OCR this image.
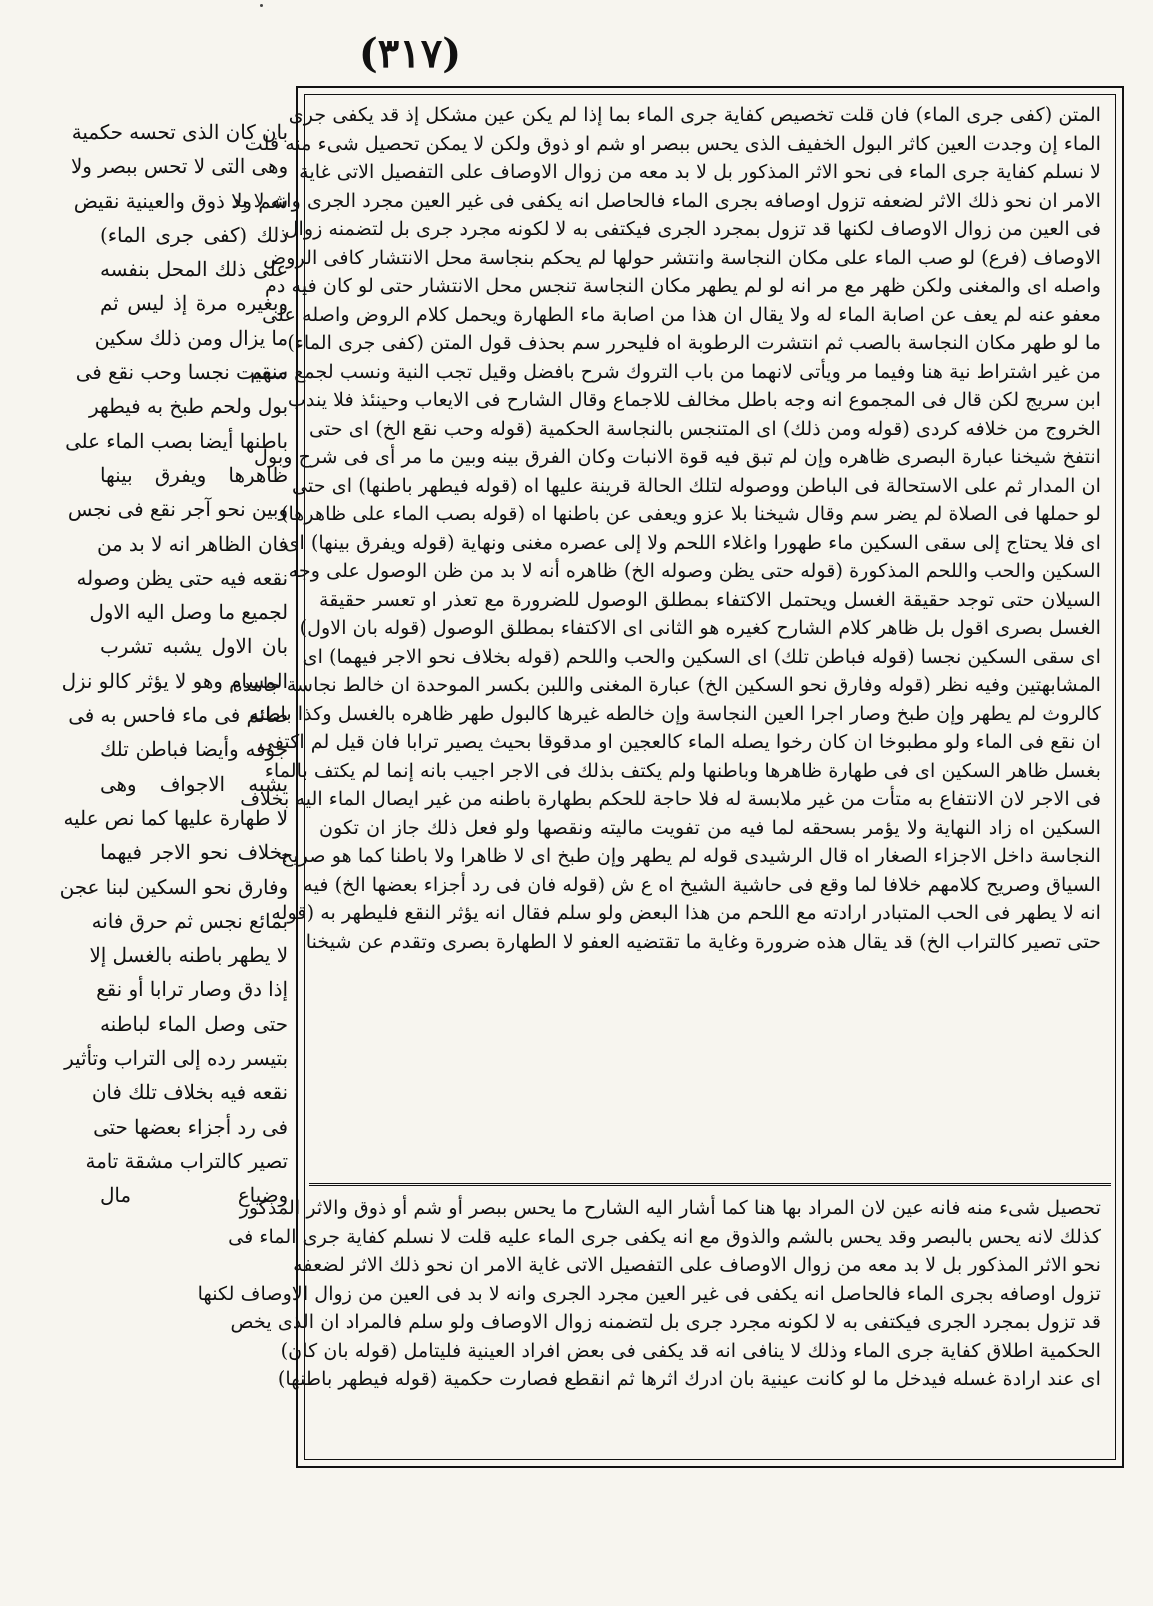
(٣١٧)
المتن (كفى جرى الماء) فان قلت تخصيص كفاية جرى الماء بما إذا لم يكن عين مشكل إذ قد يكفى جرى
الماء إن وجدت العين كاثر البول الخفيف الذى يحس ببصر او شم او ذوق ولكن لا يمكن تحصيل شىء منه قلت
لا نسلم كفاية جرى الماء فى نحو الاثر المذكور بل لا بد معه من زوال الاوصاف على التفصيل الاتى غاية
الامر ان نحو ذلك الاثر لضعفه تزول اوصافه بجرى الماء فالحاصل انه يكفى فى غير العين مجرد الجرى وانه لا بد
فى العين من زوال الاوصاف لكنها قد تزول بمجرد الجرى فيكتفى به لا لكونه مجرد جرى بل لتضمنه زوال
الاوصاف (فرع) لو صب الماء على مكان النجاسة وانتشر حولها لم يحكم بنجاسة محل الانتشار كافى الروض
واصله اى والمغنى ولكن ظهر مع مر انه لو لم يطهر مكان النجاسة تنجس محل الانتشار حتى لو كان فيه دم
معفو عنه لم يعف عن اصابة الماء له ولا يقال ان هذا من اصابة ماء الطهارة ويحمل كلام الروض واصله على
ما لو طهر مكان النجاسة بالصب ثم انتشرت الرطوبة اه فليحرر سم بحذف قول المتن (كفى جرى الماء)
من غير اشتراط نية هنا وفيما مر ويأتى لانهما من باب التروك شرح بافضل وقيل تجب النية ونسب لجمع منهم
ابن سريج لكن قال فى المجموع انه وجه باطل مخالف للاجماع وقال الشارح فى الايعاب وحينئذ فلا يندب
الخروج من خلافه كردى (قوله ومن ذلك) اى المتنجس بالنجاسة الحكمية (قوله وحب نقع الخ) اى حتى
انتفخ شيخنا عبارة البصرى ظاهره وإن لم تبق فيه قوة الانبات وكان الفرق بينه وبين ما مر أى فى شرح وبول
ان المدار ثم على الاستحالة فى الباطن ووصوله لتلك الحالة قرينة عليها اه (قوله فيطهر باطنها) اى حتى
لو حملها فى الصلاة لم يضر سم وقال شيخنا بلا عزو ويعفى عن باطنها اه (قوله بصب الماء على ظاهرها)
اى فلا يحتاج إلى سقى السكين ماء طهورا واغلاء اللحم ولا إلى عصره مغنى ونهاية (قوله ويفرق بينها) اى
السكين والحب واللحم المذكورة (قوله حتى يظن وصوله الخ) ظاهره أنه لا بد من ظن الوصول على وجه
السيلان حتى توجد حقيقة الغسل ويحتمل الاكتفاء بمطلق الوصول للضرورة مع تعذر او تعسر حقيقة
الغسل بصرى اقول بل ظاهر كلام الشارح كغيره هو الثانى اى الاكتفاء بمطلق الوصول (قوله بان الاول)
اى سقى السكين نجسا (قوله فباطن تلك) اى السكين والحب واللحم (قوله بخلاف نحو الاجر فيهما) اى
المشابهتين وفيه نظر (قوله وفارق نحو السكين الخ) عبارة المغنى واللبن بكسر الموحدة ان خالط نجاسة جامدة
كالروث لم يطهر وإن طبخ وصار اجرا العين النجاسة وإن خالطه غيرها كالبول طهر ظاهره بالغسل وكذا باطنه
ان نقع فى الماء ولو مطبوخا ان كان رخوا يصله الماء كالعجين او مدقوقا بحيث يصير ترابا فان قيل لم اكتفى
بغسل ظاهر السكين اى فى طهارة ظاهرها وباطنها ولم يكتف بذلك فى الاجر اجيب بانه إنما لم يكتف بالماء
فى الاجر لان الانتفاع به متأت من غير ملابسة له فلا حاجة للحكم بطهارة باطنه من غير ايصال الماء اليه بخلاف
السكين اه زاد النهاية ولا يؤمر بسحقه لما فيه من تفويت ماليته ونقصها ولو فعل ذلك جاز ان تكون
النجاسة داخل الاجزاء الصغار اه قال الرشيدى قوله لم يطهر وإن طبخ اى لا ظاهرا ولا باطنا كما هو صريح
السياق وصريح كلامهم خلافا لما وقع فى حاشية الشيخ اه ع ش (قوله فان فى رد أجزاء بعضها الخ) فيه
انه لا يطهر فى الحب المتبادر ارادته مع اللحم من هذا البعض ولو سلم فقال انه يؤثر النقع فليطهر به (قوله
حتى تصير كالتراب الخ) قد يقال هذه ضرورة وغاية ما تقتضيه العفو لا الطهارة بصرى وتقدم عن شيخنا
تحصيل شىء منه فانه عين لان المراد بها هنا كما أشار اليه الشارح ما يحس ببصر أو شم أو ذوق والاثر المذكور
كذلك لانه يحس بالبصر وقد يحس بالشم والذوق مع انه يكفى جرى الماء عليه قلت لا نسلم كفاية جرى الماء فى
نحو الاثر المذكور بل لا بد معه من زوال الاوصاف على التفصيل الاتى غاية الامر ان نحو ذلك الاثر لضعفه
تزول اوصافه بجرى الماء فالحاصل انه يكفى فى غير العين مجرد الجرى وانه لا بد فى العين من زوال الاوصاف لكنها
قد تزول بمجرد الجرى فيكتفى به لا لكونه مجرد جرى بل لتضمنه زوال الاوصاف ولو سلم فالمراد ان الذى يخص
الحكمية اطلاق كفاية جرى الماء وذلك لا ينافى انه قد يكفى فى بعض افراد العينية فليتامل (قوله بان كان)
اى عند ارادة غسله فيدخل ما لو كانت عينية بان ادرك اثرها ثم انقطع فصارت حكمية (قوله فيطهر باطنها)
بان كان الذى تحسه حكمية
وهى التى لا تحس ببصر ولا
شم ولا ذوق والعينية نقيض
ذلك (كفى جرى الماء)
على ذلك المحل بنفسه
وبغيره مرة إذ ليس ثم
ما يزال ومن ذلك سكين
سقيت نجسا وحب نقع فى
بول ولحم طبخ به فيطهر
باطنها أيضا بصب الماء على
ظاهرها ويفرق بينها
وبين نحو آجر نقع فى نجس
فان الظاهر انه لا بد من
نقعه فيه حتى يظن وصوله
لجميع ما وصل اليه الاول
بان الاول يشبه تشرب
المسام وهو لا يؤثر كالو نزل
صائم فى ماء فاحس به فى
جوفه وأيضا فباطن تلك
يشبه الاجواف وهى
لا طهارة عليها كما نص عليه
بخلاف نحو الاجر فيهما
وفارق نحو السكين لبنا عجن
بمائع نجس ثم حرق فانه
لا يطهر باطنه بالغسل إلا
إذا دق وصار ترابا أو نقع
حتى وصل الماء لباطنه
بتيسر رده إلى التراب وتأثير
نقعه فيه بخلاف تلك فان
فى رد أجزاء بعضها حتى
تصير كالتراب مشقة تامة
وضياع مال
